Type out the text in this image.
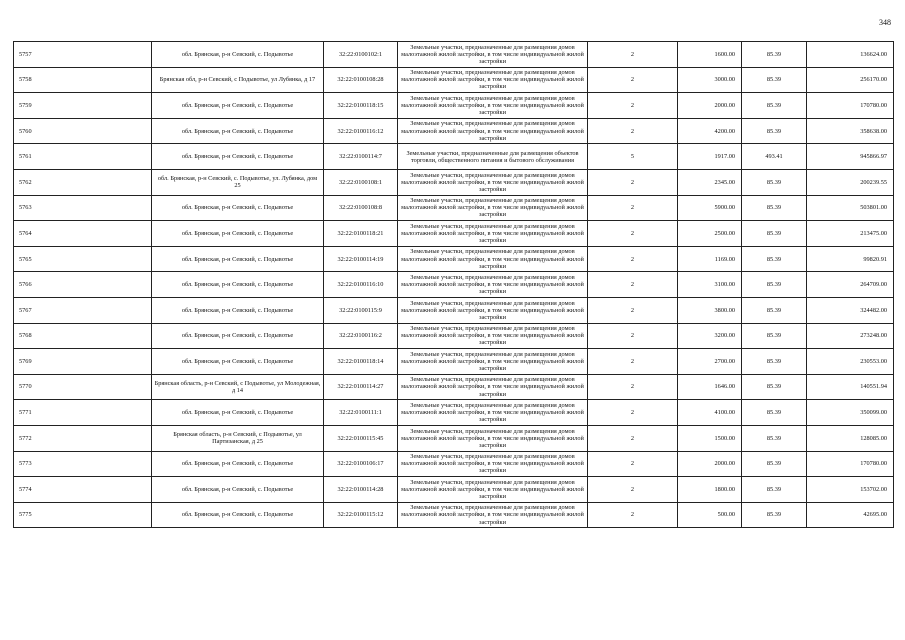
348
5757	обл. Брянская, р-н Севский, с. Подывотье	32:22:0100102:1	Земельные участки, предназначенные для размещения домов малоэтажной жилой застройки, в том числе индивидуальной жилой застройки	2	1600.00	85.39	136624.00
5758	Брянская обл, р-н Севский, с Подывотье, ул Лубянка, д 17	32:22:0100108:28	Земельные участки, предназначенные для размещения домов малоэтажной жилой застройки, в том числе индивидуальной жилой застройки	2	3000.00	85.39	256170.00
5759	обл. Брянская, р-н Севский, с. Подывотье	32:22:0100118:15	Земельные участки, предназначенные для размещения домов малоэтажной жилой застройки, в том числе индивидуальной жилой застройки	2	2000.00	85.39	170780.00
5760	обл. Брянская, р-н Севский, с. Подывотье	32:22:0100116:12	Земельные участки, предназначенные для размещения домов малоэтажной жилой застройки, в том числе индивидуальной жилой застройки	2	4200.00	85.39	358638.00
5761	обл. Брянская, р-н Севский, с. Подывотье	32:22:0100114:7	Земельные участки, предназначенные для размещения объектов торговли, общественного питания и бытового обслуживания	5	1917.00	493.41	945866.97
5762	обл. Брянская, р-н Севский, с. Подывотье, ул. Лубянка, дом 25	32:22:0100108:1	Земельные участки, предназначенные для размещения домов малоэтажной жилой застройки, в том числе индивидуальной жилой застройки	2	2345.00	85.39	200239.55
5763	обл. Брянская, р-н Севский, с. Подывотье	32:22:0100108:8	Земельные участки, предназначенные для размещения домов малоэтажной жилой застройки, в том числе индивидуальной жилой застройки	2	5900.00	85.39	503801.00
5764	обл. Брянская, р-н Севский, с. Подывотье	32:22:0100118:21	Земельные участки, предназначенные для размещения домов малоэтажной жилой застройки, в том числе индивидуальной жилой застройки	2	2500.00	85.39	213475.00
5765	обл. Брянская, р-н Севский, с. Подывотье	32:22:0100114:19	Земельные участки, предназначенные для размещения домов малоэтажной жилой застройки, в том числе индивидуальной жилой застройки	2	1169.00	85.39	99820.91
5766	обл. Брянская, р-н Севский, с. Подывотье	32:22:0100116:10	Земельные участки, предназначенные для размещения домов малоэтажной жилой застройки, в том числе индивидуальной жилой застройки	2	3100.00	85.39	264709.00
5767	обл. Брянская, р-н Севский, с. Подывотье	32:22:0100115:9	Земельные участки, предназначенные для размещения домов малоэтажной жилой застройки, в том числе индивидуальной жилой застройки	2	3800.00	85.39	324482.00
5768	обл. Брянская, р-н Севский, с. Подывотье	32:22:0100116:2	Земельные участки, предназначенные для размещения домов малоэтажной жилой застройки, в том числе индивидуальной жилой застройки	2	3200.00	85.39	273248.00
5769	обл. Брянская, р-н Севский, с. Подывотье	32:22:0100118:14	Земельные участки, предназначенные для размещения домов малоэтажной жилой застройки, в том числе индивидуальной жилой застройки	2	2700.00	85.39	230553.00
5770	Брянская область, р-н Севский, с Подывотье, ул Молодежная, д 14	32:22:0100114:27	Земельные участки, предназначенные для размещения домов малоэтажной жилой застройки, в том числе индивидуальной жилой застройки	2	1646.00	85.39	140551.94
5771	обл. Брянская, р-н Севский, с. Подывотье	32:22:0100111:1	Земельные участки, предназначенные для размещения домов малоэтажной жилой застройки, в том числе индивидуальной жилой застройки	2	4100.00	85.39	350099.00
5772	Брянская область, р-н Севский, с Подывотье, ул Партизанская, д 25	32:22:0100115:45	Земельные участки, предназначенные для размещения домов малоэтажной жилой застройки, в том числе индивидуальной жилой застройки	2	1500.00	85.39	128085.00
5773	обл. Брянская, р-н Севский, с. Подывотье	32:22:0100106:17	Земельные участки, предназначенные для размещения домов малоэтажной жилой застройки, в том числе индивидуальной жилой застройки	2	2000.00	85.39	170780.00
5774	обл. Брянская, р-н Севский, с. Подывотье	32:22:0100114:28	Земельные участки, предназначенные для размещения домов малоэтажной жилой застройки, в том числе индивидуальной жилой застройки	2	1800.00	85.39	153702.00
5775	обл. Брянская, р-н Севский, с. Подывотье	32:22:0100115:12	Земельные участки, предназначенные для размещения домов малоэтажной жилой застройки, в том числе индивидуальной жилой застройки	2	500.00	85.39	42695.00
